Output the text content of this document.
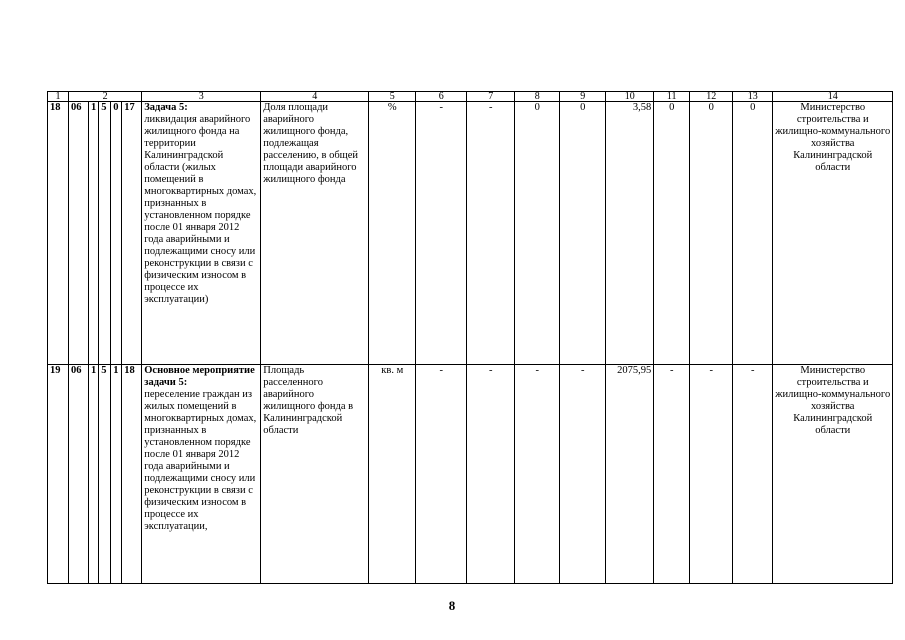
1	2					3	4	5	6	7	8	9	10	11	12	13	14
18	06	1	5	0	17	Задача 5:
ликвидация аварийного жилищного фонда на территории Калининградской области (жилых помещений в многоквартирных домах, признанных в установленном порядке после 01 января 2012 года аварийными и подлежащими сносу или реконструкции в связи с физическим износом в процессе их эксплуатации)	Доля площади аварийного жилищного фонда, подлежащая расселению, в общей площади аварийного жилищного фонда	%	-	-	0	0	3,58	0	0	0	Министерство строительства и жилищно-коммунального хозяйства Калининградской области
19	06	1	5	1	18	Основное мероприятие задачи 5:
переселение граждан из жилых помещений в многоквартирных домах, признанных в установленном порядке после 01 января 2012 года аварийными и подлежащими сносу или реконструкции в связи с физическим износом в процессе их эксплуатации,	Площадь расселенного аварийного жилищного фонда в Калининградской области	кв. м	-	-	-	-	2075,95	-	-	-	Министерство строительства и жилищно-коммунального хозяйства Калининградской области
8
